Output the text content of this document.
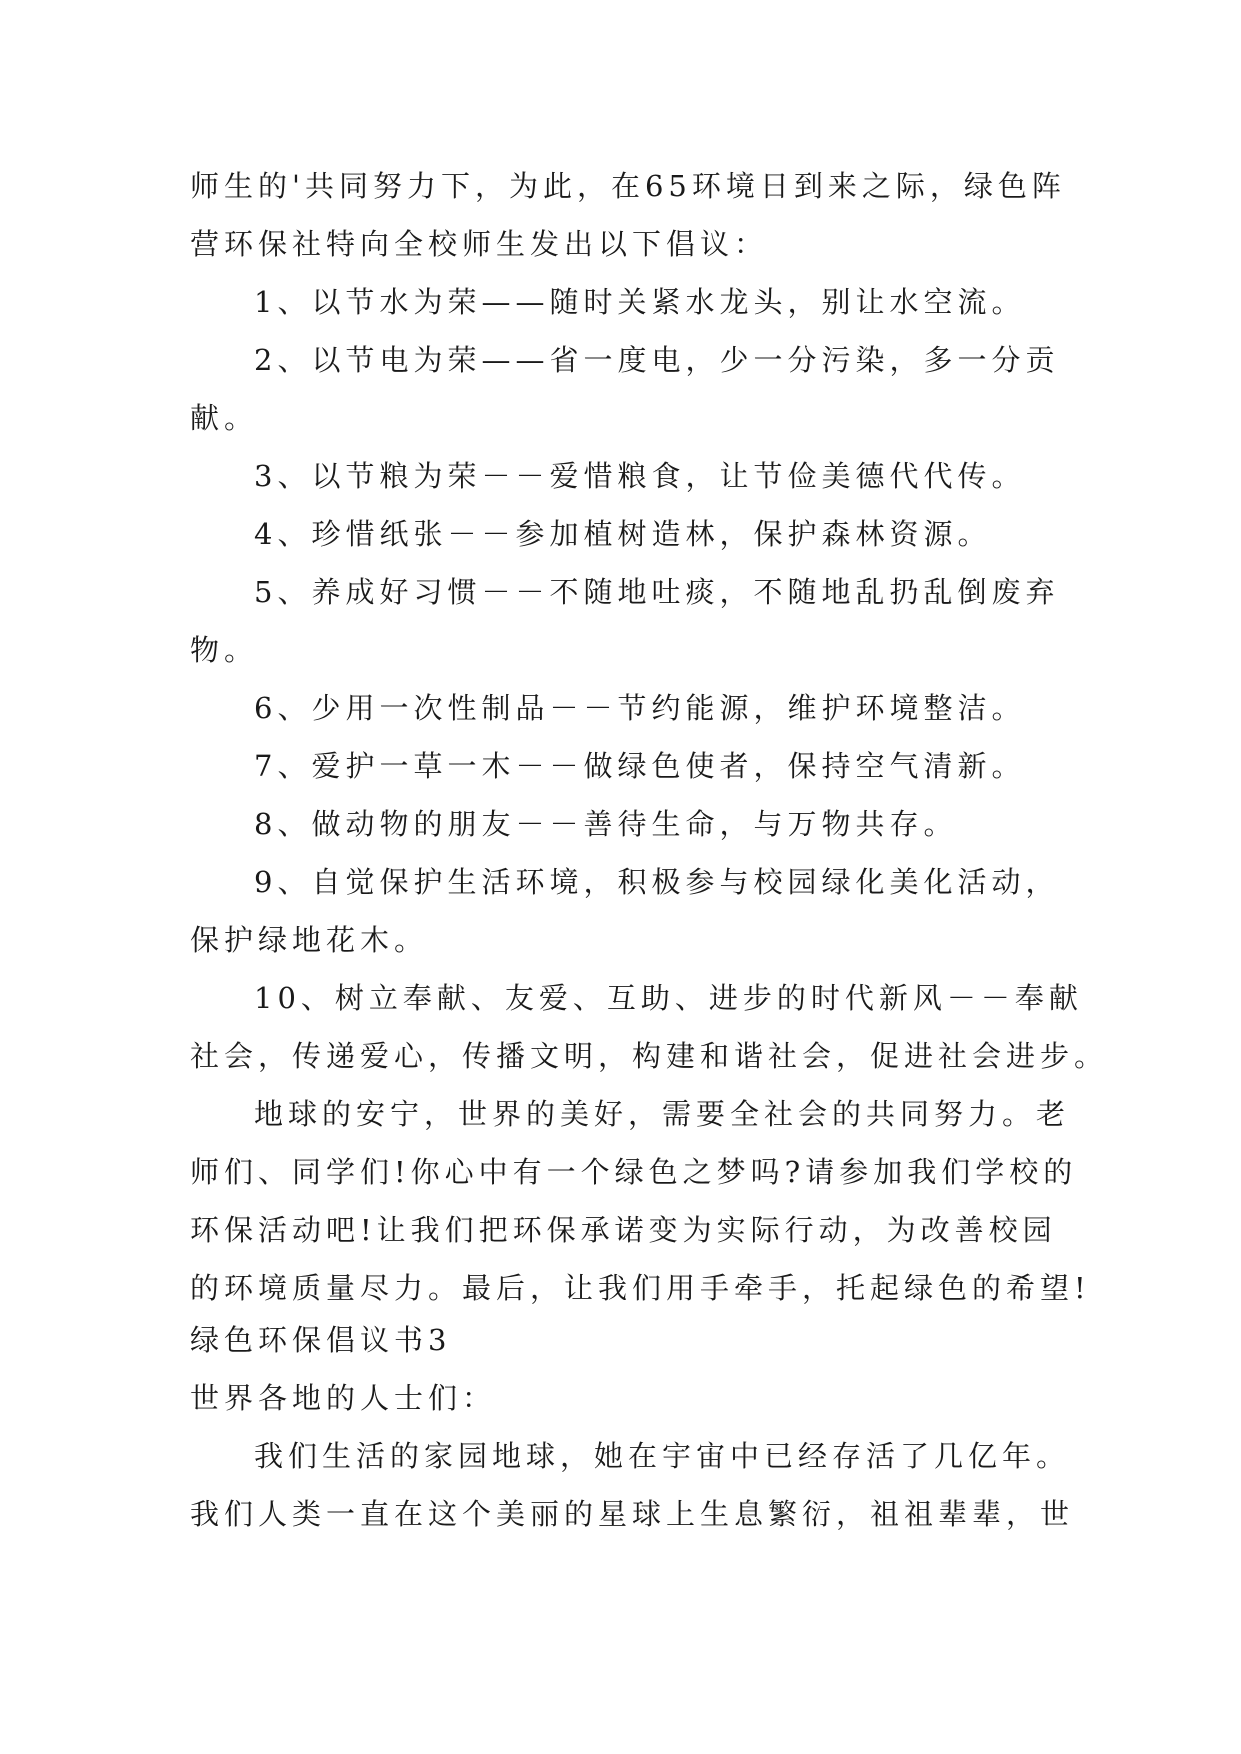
师生的'共同努力下，为此，在65环境日到来之际，绿色阵
营环保社特向全校师生发出以下倡议：
1、以节水为荣——随时关紧水龙头，别让水空流。
2、以节电为荣——省一度电，少一分污染，多一分贡
献。
3、以节粮为荣－－爱惜粮食，让节俭美德代代传。
4、珍惜纸张－－参加植树造林，保护森林资源。
5、养成好习惯－－不随地吐痰，不随地乱扔乱倒废弃
物。
6、少用一次性制品－－节约能源，维护环境整洁。
7、爱护一草一木－－做绿色使者，保持空气清新。
8、做动物的朋友－－善待生命，与万物共存。
9、自觉保护生活环境，积极参与校园绿化美化活动，
保护绿地花木。
10、树立奉献、友爱、互助、进步的时代新风－－奉献
社会，传递爱心，传播文明，构建和谐社会，促进社会进步。
地球的安宁，世界的美好，需要全社会的共同努力。老
师们、同学们!你心中有一个绿色之梦吗?请参加我们学校的
环保活动吧!让我们把环保承诺变为实际行动，为改善校园
的环境质量尽力。最后，让我们用手牵手，托起绿色的希望!
绿色环保倡议书3
世界各地的人士们：
我们生活的家园地球，她在宇宙中已经存活了几亿年。
我们人类一直在这个美丽的星球上生息繁衍，祖祖辈辈，世
